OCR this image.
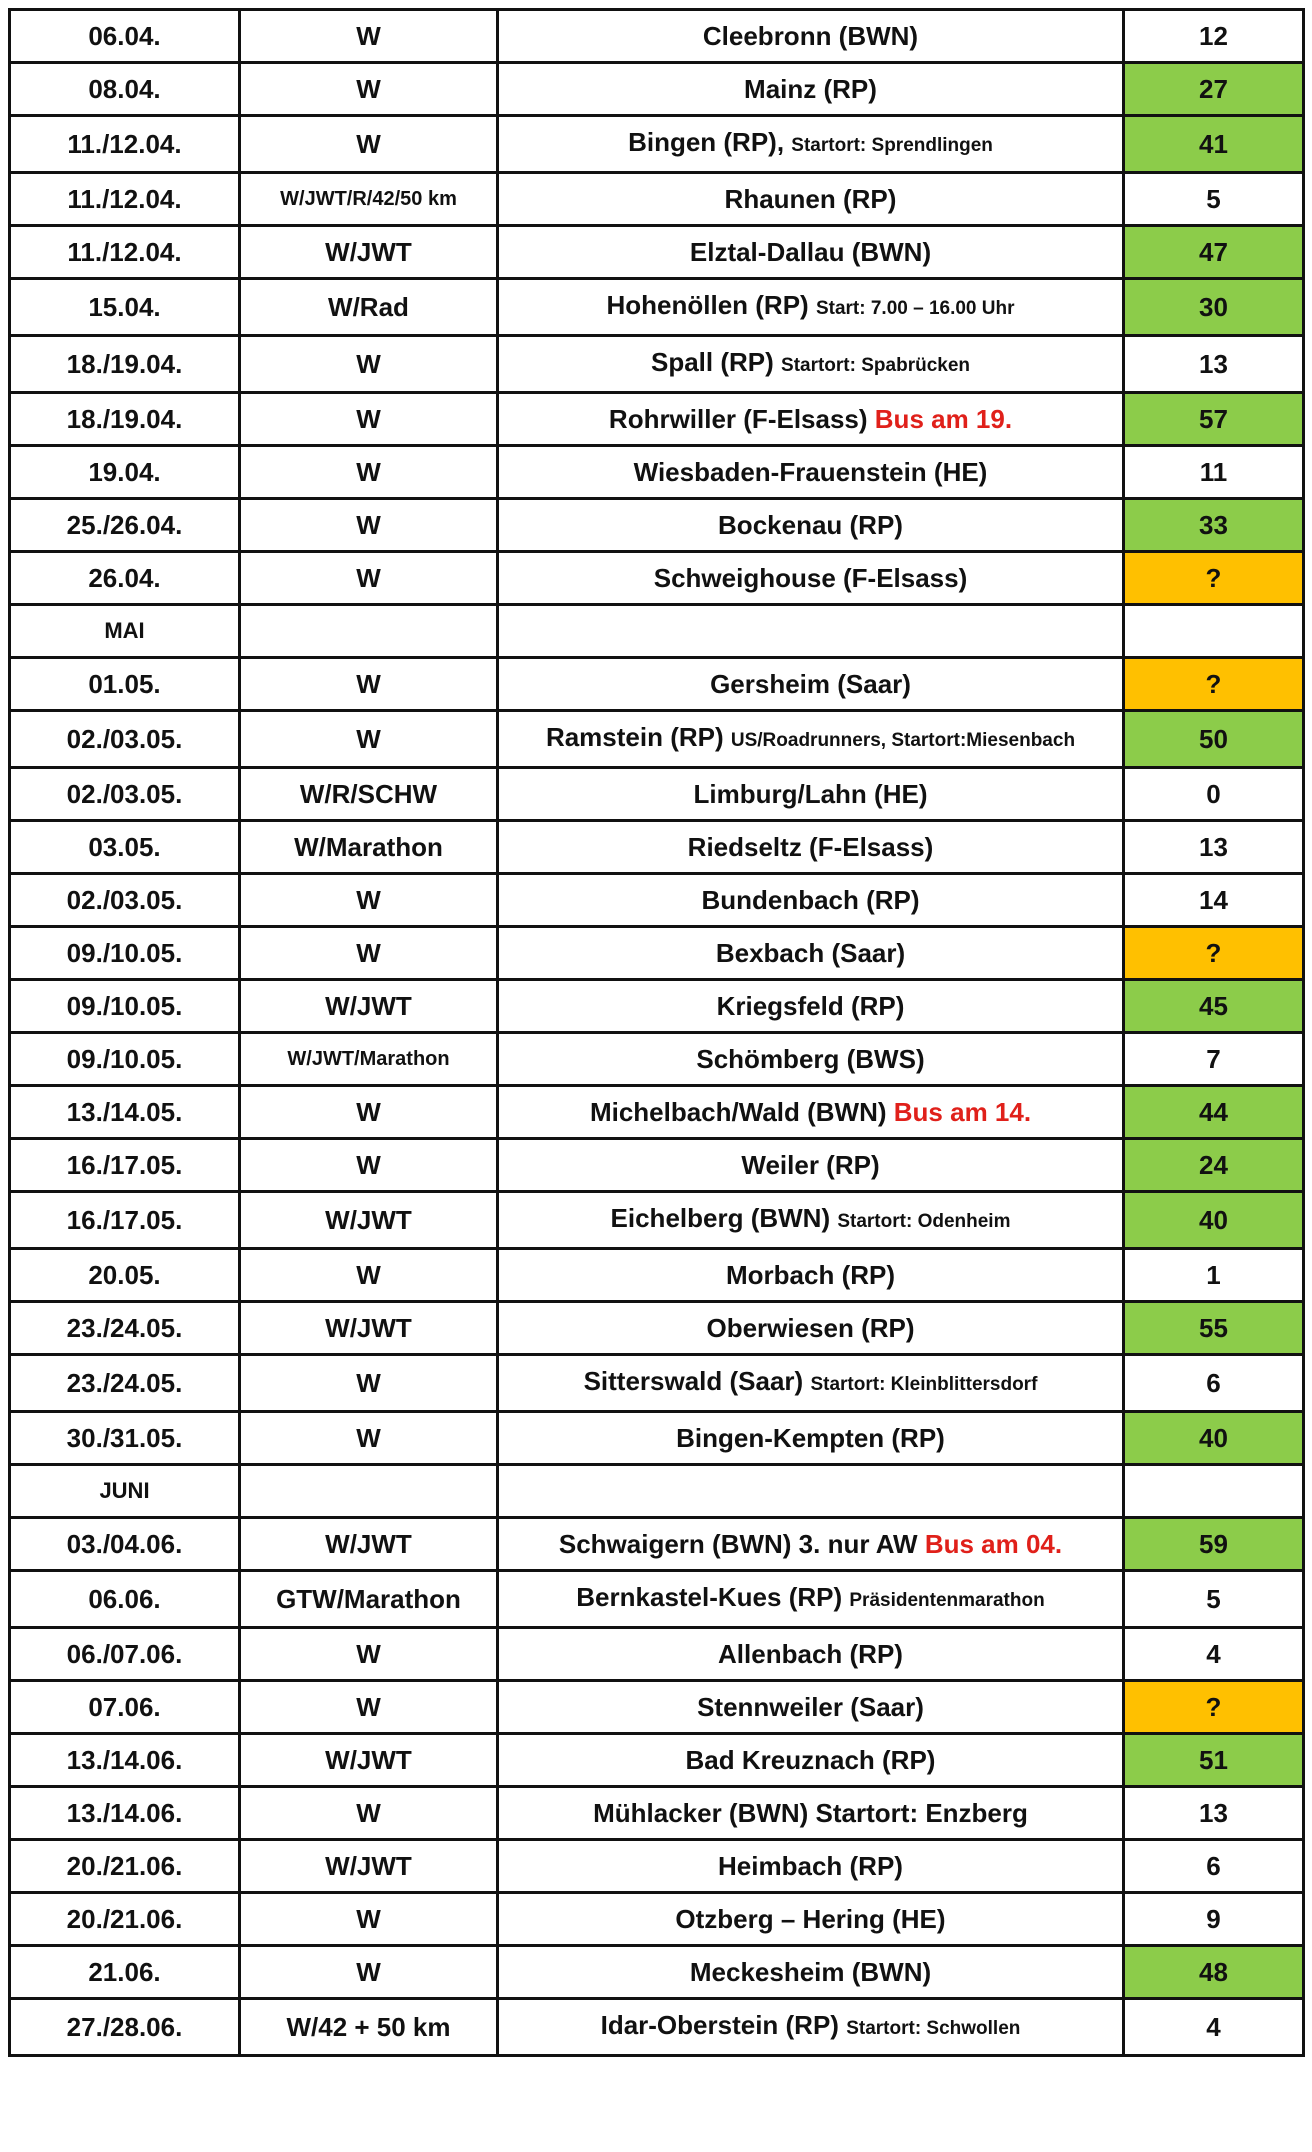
06.04.	W	Cleebronn (BWN)	12
08.04.	W	Mainz (RP)	27
11./12.04.	W	Bingen (RP), Startort: Sprendlingen	41
11./12.04.	W/JWT/R/42/50 km	Rhaunen (RP)	5
11./12.04.	W/JWT	Elztal-Dallau (BWN)	47
15.04.	W/Rad	Hohenöllen (RP) Start: 7.00 – 16.00 Uhr	30
18./19.04.	W	Spall (RP) Startort: Spabrücken	13
18./19.04.	W	Rohrwiller (F-Elsass) Bus am 19.	57
19.04.	W	Wiesbaden-Frauenstein (HE)	11
25./26.04.	W	Bockenau (RP)	33
26.04.	W	Schweighouse (F-Elsass)	?
MAI			
01.05.	W	Gersheim (Saar)	?
02./03.05.	W	Ramstein (RP) US/Roadrunners, Startort:Miesenbach	50
02./03.05.	W/R/SCHW	Limburg/Lahn (HE)	0
03.05.	W/Marathon	Riedseltz (F-Elsass)	13
02./03.05.	W	Bundenbach (RP)	14
09./10.05.	W	Bexbach (Saar)	?
09./10.05.	W/JWT	Kriegsfeld (RP)	45
09./10.05.	W/JWT/Marathon	Schömberg (BWS)	7
13./14.05.	W	Michelbach/Wald (BWN) Bus am 14.	44
16./17.05.	W	Weiler (RP)	24
16./17.05.	W/JWT	Eichelberg (BWN) Startort: Odenheim	40
20.05.	W	Morbach (RP)	1
23./24.05.	W/JWT	Oberwiesen (RP)	55
23./24.05.	W	Sitterswald (Saar) Startort: Kleinblittersdorf	6
30./31.05.	W	Bingen-Kempten (RP)	40
JUNI			
03./04.06.	W/JWT	Schwaigern (BWN) 3. nur AW Bus am 04.	59
06.06.	GTW/Marathon	Bernkastel-Kues (RP) Präsidentenmarathon	5
06./07.06.	W	Allenbach (RP)	4
07.06.	W	Stennweiler (Saar)	?
13./14.06.	W/JWT	Bad Kreuznach (RP)	51
13./14.06.	W	Mühlacker (BWN) Startort: Enzberg	13
20./21.06.	W/JWT	Heimbach (RP)	6
20./21.06.	W	Otzberg – Hering (HE)	9
21.06.	W	Meckesheim (BWN)	48
27./28.06.	W/42 + 50 km	Idar-Oberstein (RP) Startort: Schwollen	4
